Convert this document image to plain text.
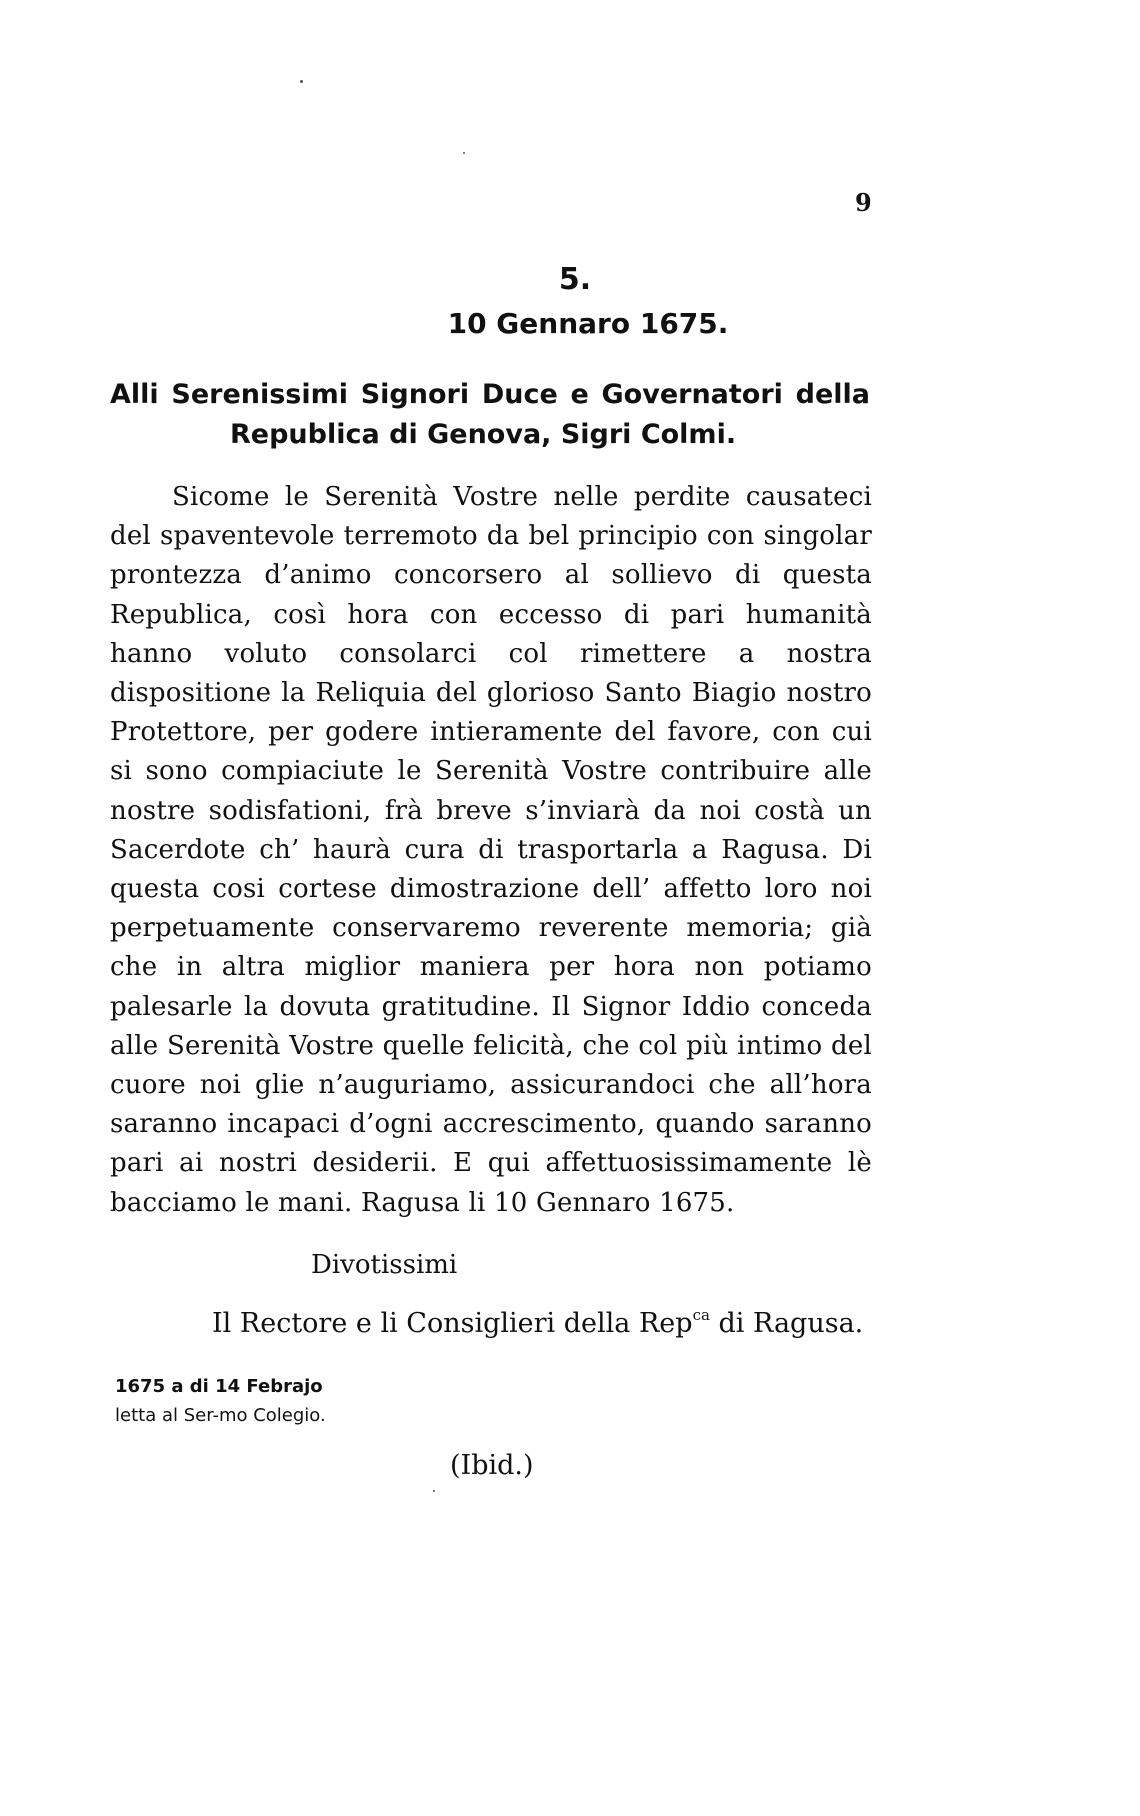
9
5.
10 Gennaro 1675.
Alli Serenissimi Signori Duce e Governatori della
Republica di Genova, Sigri Colmi.

Sicome le Serenità Vostre nelle perdite causateci del spaventevole terremoto da bel principio con singolar prontezza d’animo concorsero al sollievo di questa Republica, così hora con eccesso di pari humanità hanno voluto consolarci col rimettere a nostra dispositione la Reliquia del glorioso Santo Biagio nostro Protettore, per godere intieramente del favore, con cui si sono compiaciute le Serenità Vostre contribuire alle nostre sodisfationi, frà breve s’inviarà da noi costà un Sacerdote ch’ haurà cura di trasportarla a Ragusa. Di questa cosi cortese dimostrazione dell’ affetto loro noi perpetuamente conservaremo reverente memoria; già che in altra miglior maniera per hora non potiamo palesarle la dovuta gratitudine. Il Signor Iddio conceda alle Serenità Vostre quelle felicità, che col più intimo del cuore noi glie n’auguriamo, assicurandoci che all’hora saranno incapaci d’ogni accrescimento, quando saranno pari ai nostri desiderii. E qui affettuosissimamente lè bacciamo le mani. Ragusa li 10 Gennaro 1675.

Divotissimi
Il Rectore e li Consiglieri della Rep$^{ca}$ di Ragusa.
1675 a di 14 Febrajo
letta al Ser-mo Colegio.
(Ibid.)
